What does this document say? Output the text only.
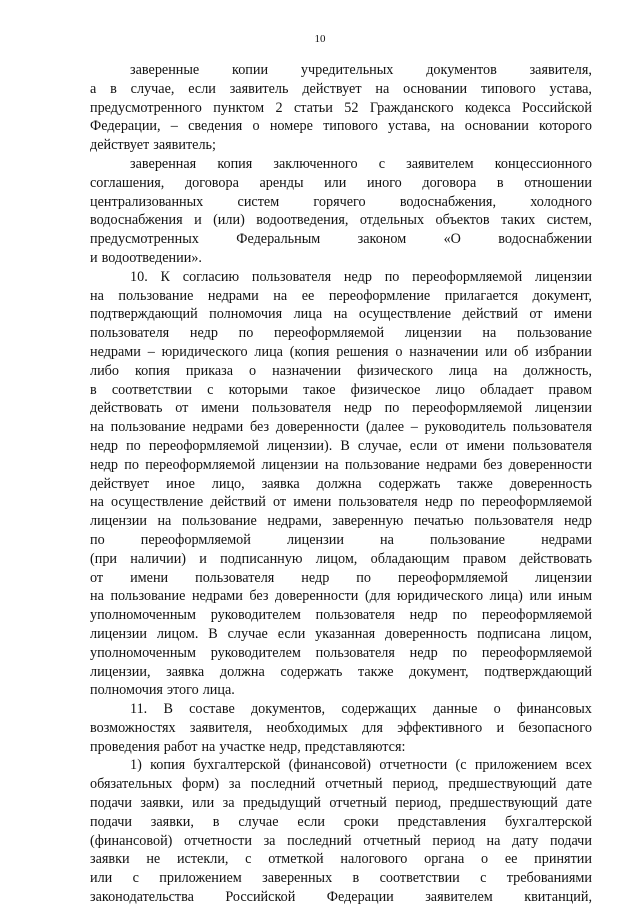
10
заверенные копии учредительных документов заявителя,
а в случае, если заявитель действует на основании типового устава,
предусмотренного пунктом 2 статьи 52 Гражданского кодекса Российской
Федерации, – сведения о номере типового устава, на основании которого
действует заявитель;
заверенная копия заключенного с заявителем концессионного
соглашения, договора аренды или иного договора в отношении
централизованных систем горячего водоснабжения, холодного
водоснабжения и (или) водоотведения, отдельных объектов таких систем,
предусмотренных	Федеральным	законом	«О	водоснабжении
и водоотведении».
10. К согласию пользователя недр по переоформляемой лицензии
на пользование недрами на ее переоформление прилагается документ,
подтверждающий полномочия лица на осуществление действий от имени
пользователя недр по переоформляемой лицензии на пользование
недрами – юридического лица (копия решения о назначении или об избрании
либо копия приказа о назначении физического лица на должность,
в соответствии с которыми такое физическое лицо обладает правом
действовать от имени пользователя недр по переоформляемой лицензии
на пользование недрами без доверенности (далее – руководитель пользователя
недр по переоформляемой лицензии). В случае, если от имени пользователя
недр по переоформляемой лицензии на пользование недрами без доверенности
действует иное лицо, заявка должна содержать также доверенность
на осуществление действий от имени пользователя недр по переоформляемой
лицензии на пользование недрами, заверенную печатью пользователя недр
по	переоформляемой	лицензии	на	пользование	недрами
(при наличии) и подписанную лицом, обладающим правом действовать
от имени пользователя недр по переоформляемой лицензии
на пользование недрами без доверенности (для юридического лица) или иным
уполномоченным руководителем пользователя недр по переоформляемой
лицензии лицом. В случае если указанная доверенность подписана лицом,
уполномоченным руководителем пользователя недр по переоформляемой
лицензии, заявка должна содержать также документ, подтверждающий
полномочия этого лица.
11. В составе документов, содержащих данные о финансовых
возможностях заявителя, необходимых для эффективного и безопасного
проведения работ на участке недр, представляются:
1) копия бухгалтерской (финансовой) отчетности (с приложением всех
обязательных форм) за последний отчетный период, предшествующий дате
подачи заявки, или за предыдущий отчетный период, предшествующий дате
подачи заявки, в случае если сроки представления бухгалтерской
(финансовой) отчетности за последний отчетный период на дату подачи
заявки не истекли, с отметкой налогового органа о ее принятии
или с приложением заверенных в соответствии с требованиями
законодательства Российской Федерации заявителем квитанций,
